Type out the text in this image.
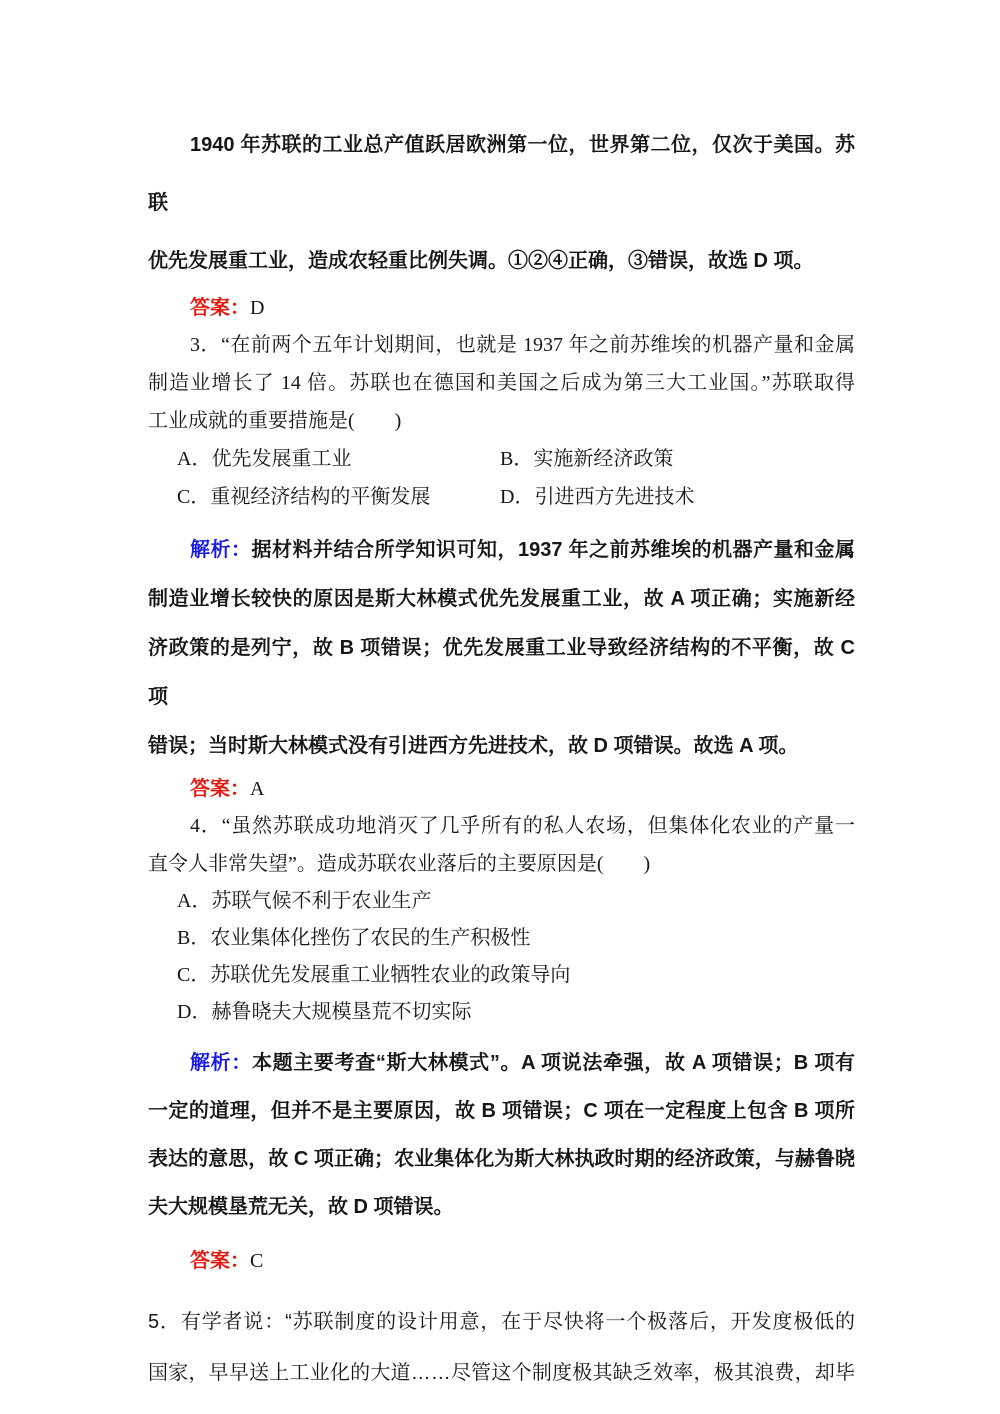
1940 年苏联的工业总产值跃居欧洲第一位，世界第二位，仅次于美国。苏联
优先发展重工业，造成农轻重比例失调。①②④正确，③错误，故选 D 项。
答案：D
3．“在前两个五年计划期间，也就是 1937 年之前苏维埃的机器产量和金属
制造业增长了 14 倍。苏联也在德国和美国之后成为第三大工业国。”苏联取得
工业成就的重要措施是(　　)
A．优先发展重工业	B．实施新经济政策
C．重视经济结构的平衡发展	D．引进西方先进技术
解析：据材料并结合所学知识可知，1937 年之前苏维埃的机器产量和金属
制造业增长较快的原因是斯大林模式优先发展重工业，故 A 项正确；实施新经
济政策的是列宁，故 B 项错误；优先发展重工业导致经济结构的不平衡，故 C 项
错误；当时斯大林模式没有引进西方先进技术，故 D 项错误。故选 A 项。
答案：A
4．“虽然苏联成功地消灭了几乎所有的私人农场，但集体化农业的产量一
直令人非常失望”。造成苏联农业落后的主要原因是(　　)
A．苏联气候不利于农业生产
B．农业集体化挫伤了农民的生产积极性
C．苏联优先发展重工业牺牲农业的政策导向
D．赫鲁晓夫大规模垦荒不切实际
解析：本题主要考查“斯大林模式”。A 项说法牵强，故 A 项错误；B 项有
一定的道理，但并不是主要原因，故 B 项错误；C 项在一定程度上包含 B 项所
表达的意思，故 C 项正确；农业集体化为斯大林执政时期的经济政策，与赫鲁晓
夫大规模垦荒无关，故 D 项错误。
答案：C
5．有学者说：“苏联制度的设计用意，在于尽快将一个极落后，开发度极低的
国家，早早送上工业化的大道……尽管这个制度极其缺乏效率，极其浪费，却毕
